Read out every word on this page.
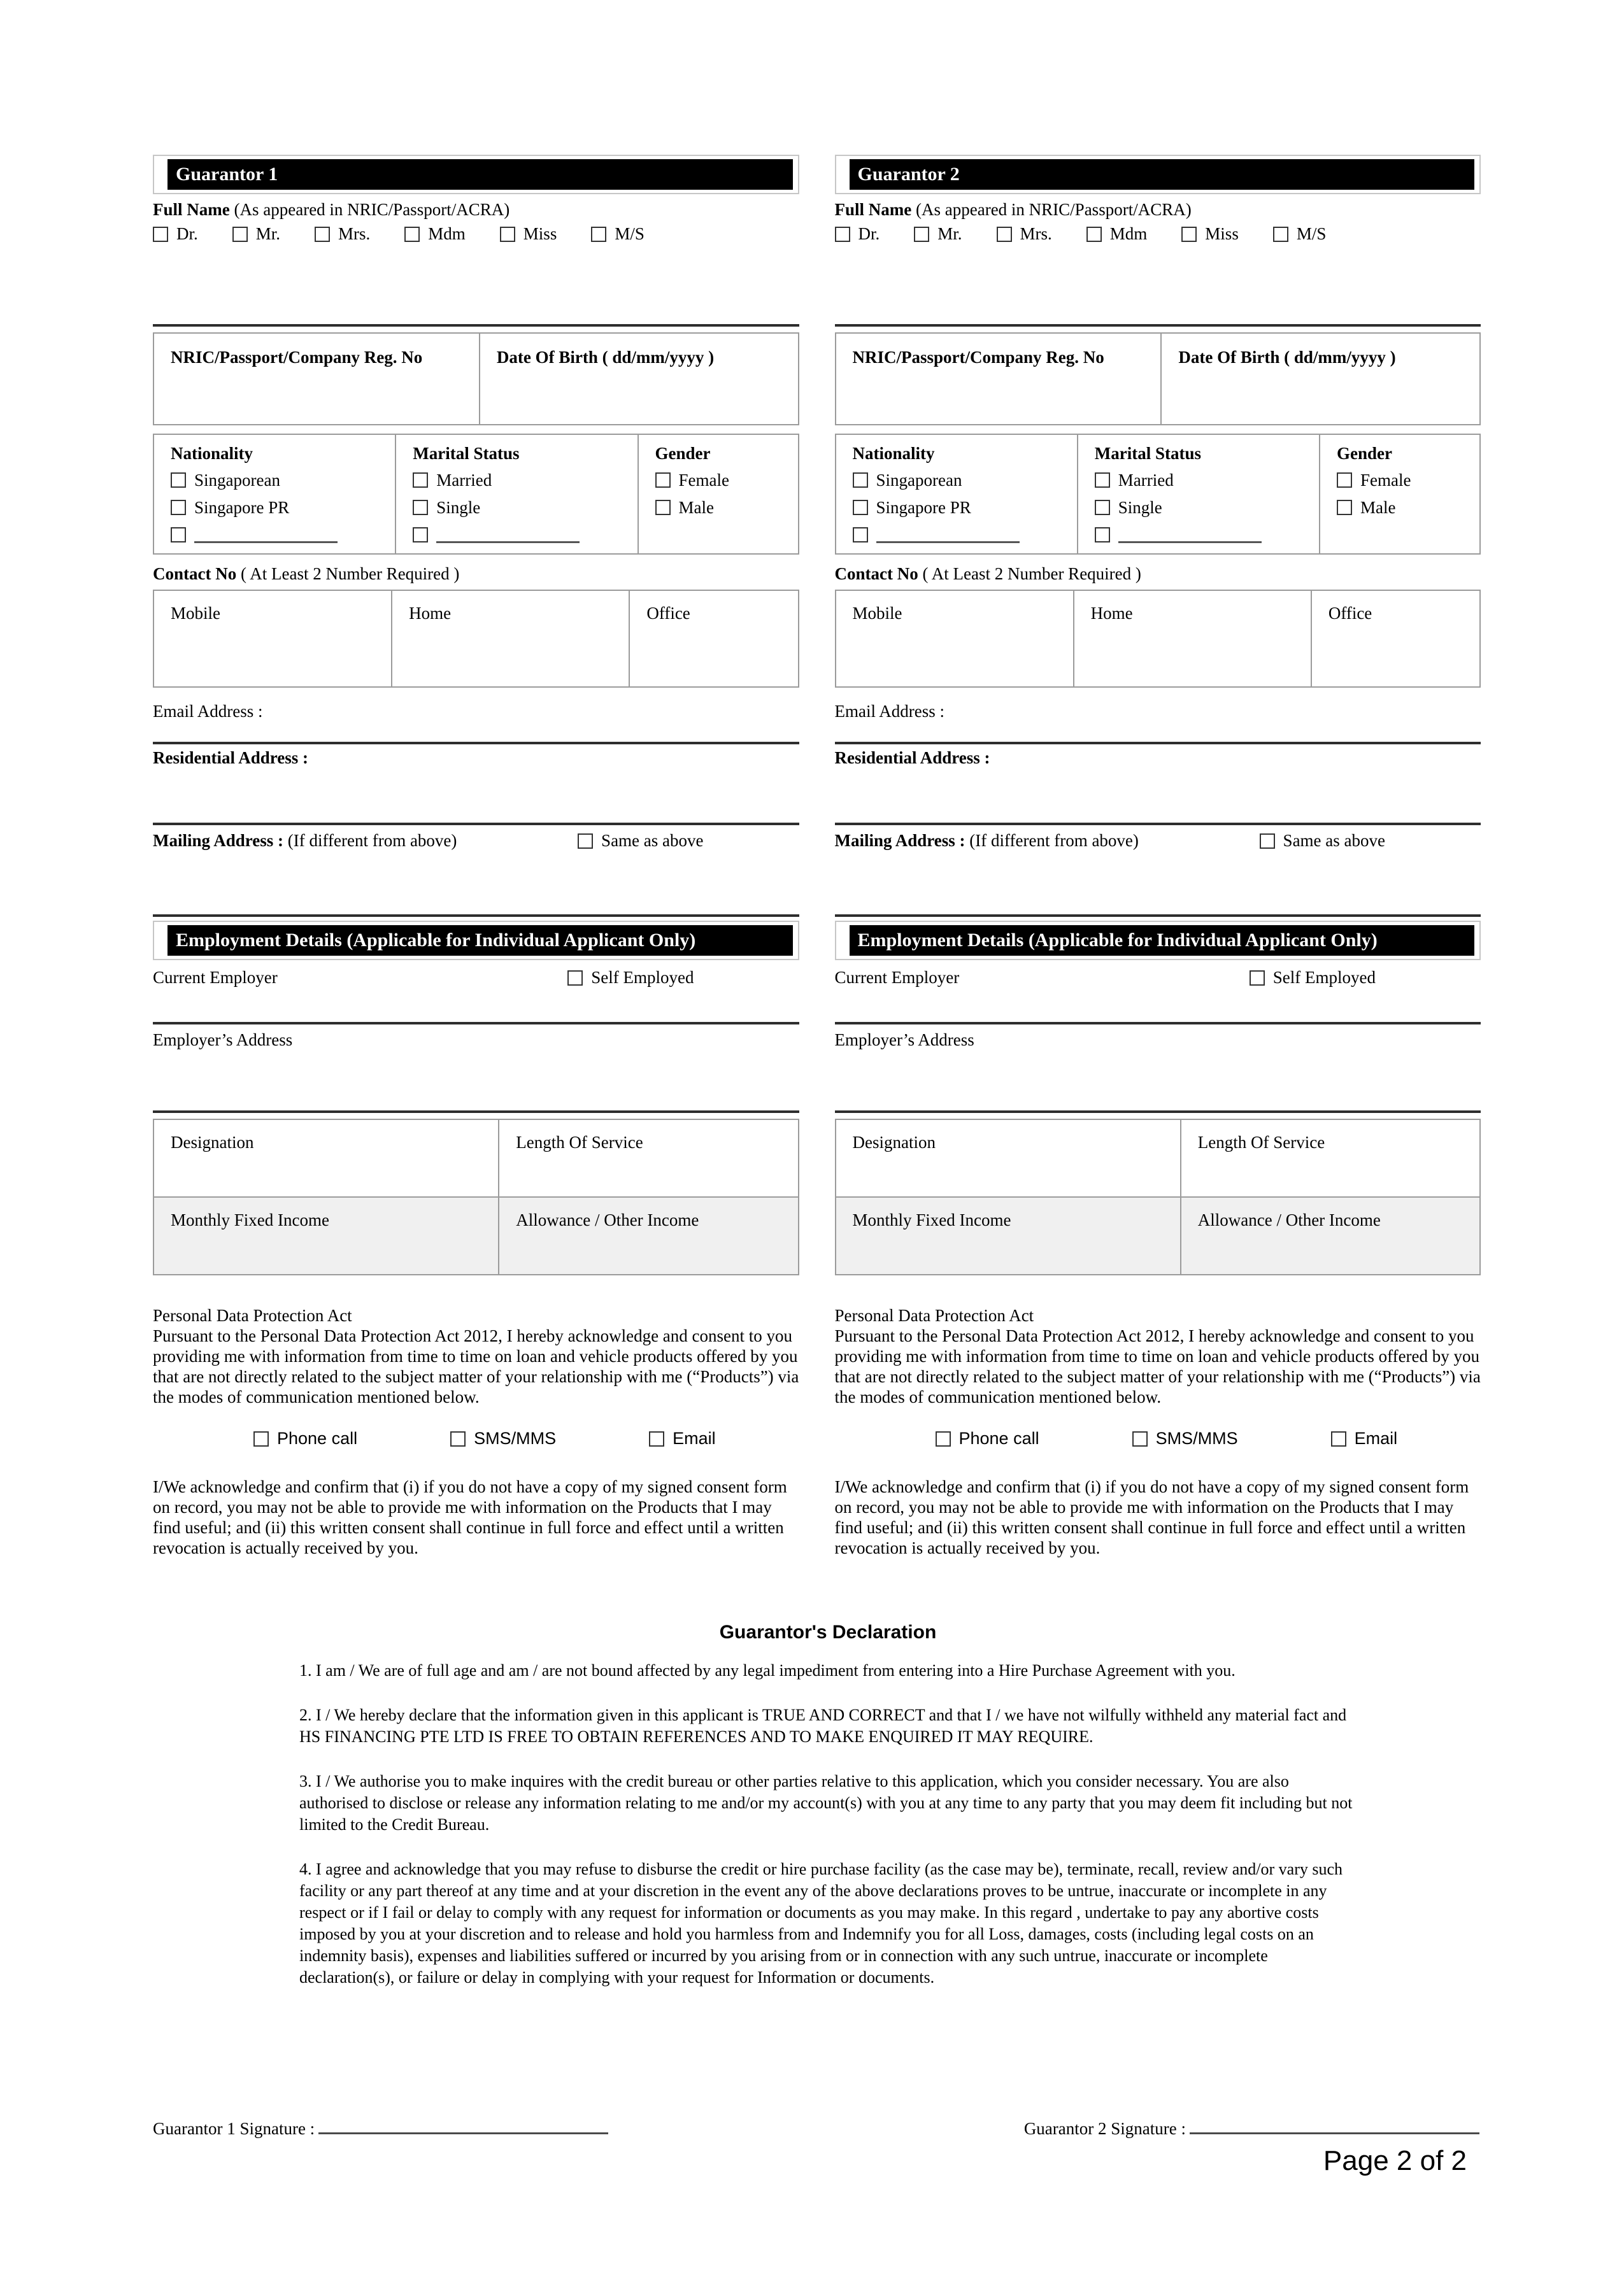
Guarantor 1
Full Name (As appeared in NRIC/Passport/ACRA)
Dr.	Mr.	Mrs.	Mdm	Miss	M/S
NRIC/Passport/Company Reg. No	Date Of Birth ( dd/mm/yyyy )
Nationality
Singaporean
Singapore PR

Marital Status
Married
Single

Gender
Female
Male
Contact No ( At Least 2 Number Required )
Mobile	Home	Office
Email Address :
Residential Address :
Mailing Address : (If different from above)	Same as above
Employment Details (Applicable for Individual Applicant Only)
Current Employer	Self Employed
Employer’s Address
Designation	Length Of Service
Monthly Fixed Income	Allowance / Other Income
Personal Data Protection Act
Pursuant to the Personal Data Protection Act 2012, I hereby acknowledge and consent to you providing me with information from time to time on loan and vehicle products offered by you that are not directly related to the subject matter of your relationship with me (“Products”) via the modes of communication mentioned below.
Phone call	SMS/MMS	Email
I/We acknowledge and confirm that (i) if you do not have a copy of my signed consent form on record, you may not be able to provide me with information on the Products that I may find useful; and (ii) this written consent shall continue in full force and effect until a written revocation is actually received by you.
Guarantor 2
Full Name (As appeared in NRIC/Passport/ACRA)
Dr.	Mr.	Mrs.	Mdm	Miss	M/S
NRIC/Passport/Company Reg. No	Date Of Birth ( dd/mm/yyyy )
Nationality
Singaporean
Singapore PR

Marital Status
Married
Single

Gender
Female
Male
Contact No ( At Least 2 Number Required )
Mobile	Home	Office
Email Address :
Residential Address :
Mailing Address : (If different from above)	Same as above
Employment Details (Applicable for Individual Applicant Only)
Current Employer	Self Employed
Employer’s Address
Designation	Length Of Service
Monthly Fixed Income	Allowance / Other Income
Personal Data Protection Act
Pursuant to the Personal Data Protection Act 2012, I hereby acknowledge and consent to you providing me with information from time to time on loan and vehicle products offered by you that are not directly related to the subject matter of your relationship with me (“Products”) via the modes of communication mentioned below.
Phone call	SMS/MMS	Email
I/We acknowledge and confirm that (i) if you do not have a copy of my signed consent form on record, you may not be able to provide me with information on the Products that I may find useful; and (ii) this written consent shall continue in full force and effect until a written revocation is actually received by you.
Guarantor's Declaration

1. I am / We are of full age and am / are not bound affected by any legal impediment from entering into a Hire Purchase Agreement with you.

2. I / We hereby declare that the information given in this applicant is TRUE AND CORRECT and that I / we have not wilfully withheld any material fact and HS FINANCING PTE LTD IS FREE TO OBTAIN REFERENCES AND TO MAKE ENQUIRED IT MAY REQUIRE.

3. I / We authorise you to make inquires with the credit bureau or other parties relative to this application, which you consider necessary. You are also authorised to disclose or release any information relating to me and/or my account(s) with you at any time to any party that you may deem fit including but not limited to the Credit Bureau.

4. I agree and acknowledge that you may refuse to disburse the credit or hire purchase facility (as the case may be), terminate, recall, review and/or vary such facility or any part thereof at any time and at your discretion in the event any of the above declarations proves to be untrue, inaccurate or incomplete in any respect or if I fail or delay to comply with any request for information or documents as you may make. In this regard , undertake to pay any abortive costs imposed by you at your discretion and to release and hold you harmless from and Indemnify you for all Loss, damages, costs (including legal costs on an indemnity basis), expenses and liabilities suffered or incurred by you arising from or in connection with any such untrue, inaccurate or incomplete declaration(s), or failure or delay in complying with your request for Information or documents.

Guarantor 1 Signature :	Guarantor 2 Signature :
Page 2 of 2
